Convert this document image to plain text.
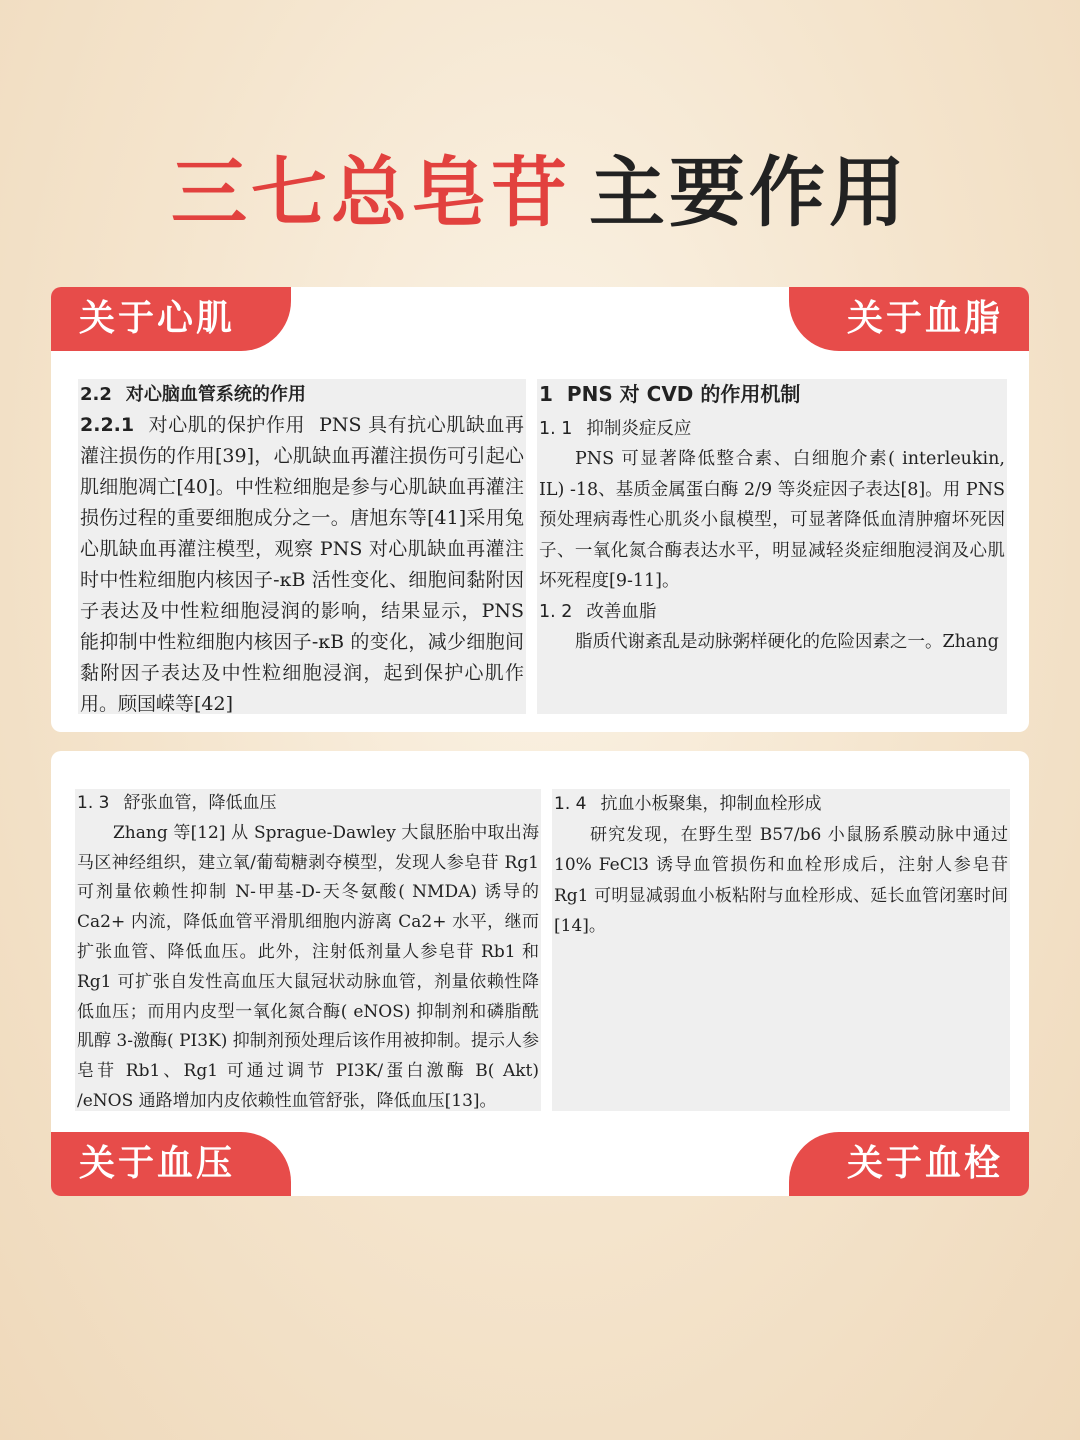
三七总皂苷 主要作用
关于心肌	关于血脂

2.2 对心脑血管系统的作用

2.2.1 对心肌的保护作用 PNS 具有抗心肌缺血再灌注损伤的作用[39]，心肌缺血再灌注损伤可引起心肌细胞凋亡[40]。中性粒细胞是参与心肌缺血再灌注损伤过程的重要细胞成分之一。唐旭东等[41]采用兔心肌缺血再灌注模型，观察 PNS 对心肌缺血再灌注时中性粒细胞内核因子-κB 活性变化、细胞间黏附因子表达及中性粒细胞浸润的影响，结果显示，PNS 能抑制中性粒细胞内核因子-κB 的变化，减少细胞间黏附因子表达及中性粒细胞浸润，起到保护心肌作用。顾国嵘等[42]

1 PNS 对 CVD 的作用机制

1. 1 抑制炎症反应

PNS 可显著降低整合素、白细胞介素( interleukin, IL) -18、基质金属蛋白酶 2/9 等炎症因子表达[8]。用 PNS 预处理病毒性心肌炎小鼠模型，可显著降低血清肿瘤坏死因子、一氧化氮合酶表达水平，明显减轻炎症细胞浸润及心肌坏死程度[9-11]。

1. 2 改善血脂

脂质代谢紊乱是动脉粥样硬化的危险因素之一。Zhang

1. 3 舒张血管，降低血压

Zhang 等[12] 从 Sprague-Dawley 大鼠胚胎中取出海马区神经组织，建立氧/葡萄糖剥夺模型，发现人参皂苷 Rg1 可剂量依赖性抑制 N-甲基-D-天冬氨酸( NMDA) 诱导的 Ca2+ 内流，降低血管平滑肌细胞内游离 Ca2+ 水平，继而扩张血管、降低血压。此外，注射低剂量人参皂苷 Rb1 和 Rg1 可扩张自发性高血压大鼠冠状动脉血管，剂量依赖性降低血压；而用内皮型一氧化氮合酶( eNOS) 抑制剂和磷脂酰肌醇 3-激酶( PI3K) 抑制剂预处理后该作用被抑制。提示人参皂苷 Rb1、Rg1 可通过调节 PI3K/蛋白激酶 B( Akt) /eNOS 通路增加内皮依赖性血管舒张，降低血压[13]。

1. 4 抗血小板聚集，抑制血栓形成

研究发现，在野生型 B57/b6 小鼠肠系膜动脉中通过 10% FeCl3 诱导血管损伤和血栓形成后，注射人参皂苷 Rg1 可明显减弱血小板粘附与血栓形成、延长血管闭塞时间[14]。

关于血压	关于血栓
